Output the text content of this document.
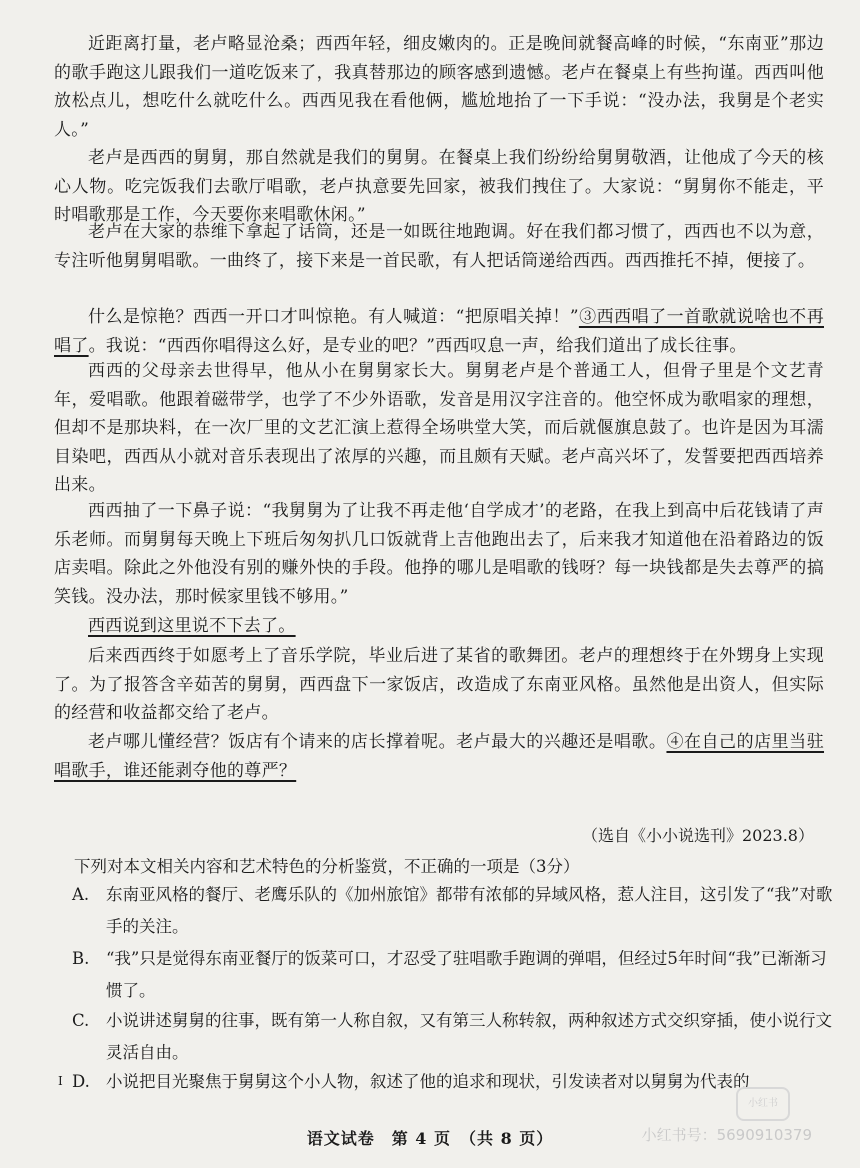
近距离打量，老卢略显沧桑；西西年轻，细皮嫩肉的。正是晚间就餐高峰的时候，“东南亚”那边的歌手跑这儿跟我们一道吃饭来了，我真替那边的顾客感到遗憾。老卢在餐桌上有些拘谨。西西叫他放松点儿，想吃什么就吃什么。西西见我在看他俩，尴尬地抬了一下手说：“没办法，我舅是个老实人。”

老卢是西西的舅舅，那自然就是我们的舅舅。在餐桌上我们纷纷给舅舅敬酒，让他成了今天的核心人物。吃完饭我们去歌厅唱歌，老卢执意要先回家，被我们拽住了。大家说：“舅舅你不能走，平时唱歌那是工作，今天要你来唱歌休闲。”

老卢在大家的恭维下拿起了话筒，还是一如既往地跑调。好在我们都习惯了，西西也不以为意，专注听他舅舅唱歌。一曲终了，接下来是一首民歌，有人把话筒递给西西。西西推托不掉，便接了。

什么是惊艳？西西一开口才叫惊艳。有人喊道：“把原唱关掉！”③西西唱了一首歌就说啥也不再唱了。我说：“西西你唱得这么好，是专业的吧？”西西叹息一声，给我们道出了成长往事。

西西的父母亲去世得早，他从小在舅舅家长大。舅舅老卢是个普通工人，但骨子里是个文艺青年，爱唱歌。他跟着磁带学，也学了不少外语歌，发音是用汉字注音的。他空怀成为歌唱家的理想，但却不是那块料，在一次厂里的文艺汇演上惹得全场哄堂大笑，而后就偃旗息鼓了。也许是因为耳濡目染吧，西西从小就对音乐表现出了浓厚的兴趣，而且颇有天赋。老卢高兴坏了，发誓要把西西培养出来。

西西抽了一下鼻子说：“我舅舅为了让我不再走他‘自学成才’的老路，在我上到高中后花钱请了声乐老师。而舅舅每天晚上下班后匆匆扒几口饭就背上吉他跑出去了，后来我才知道他在沿着路边的饭店卖唱。除此之外他没有别的赚外快的手段。他挣的哪儿是唱歌的钱呀？每一块钱都是失去尊严的搞笑钱。没办法，那时候家里钱不够用。”

西西说到这里说不下去了。

后来西西终于如愿考上了音乐学院，毕业后进了某省的歌舞团。老卢的理想终于在外甥身上实现了。为了报答含辛茹苦的舅舅，西西盘下一家饭店，改造成了东南亚风格。虽然他是出资人，但实际的经营和收益都交给了老卢。

老卢哪儿懂经营？饭店有个请来的店长撑着呢。老卢最大的兴趣还是唱歌。④在自己的店里当驻唱歌手，谁还能剥夺他的尊严？

（选自《小小说选刊》2023.8）
下列对本文相关内容和艺术特色的分析鉴赏，不正确的一项是（3分）
A.	东南亚风格的餐厅、老鹰乐队的《加州旅馆》都带有浓郁的异域风格，惹人注目，这引发了“我”对歌手的关注。
B.	“我”只是觉得东南亚餐厅的饭菜可口，才忍受了驻唱歌手跑调的弹唱，但经过5年时间“我”已渐渐习惯了。
C.	小说讲述舅舅的往事，既有第一人称自叙，又有第三人称转叙，两种叙述方式交织穿插，使小说行文灵活自由。
D. 小说把目光聚焦于舅舅这个小人物，叙述了他的追求和现状，引发读者对以舅舅为代表的
I
小红书
语文试卷　第 4 页　（共 8 页）	小红书号：5690910379
